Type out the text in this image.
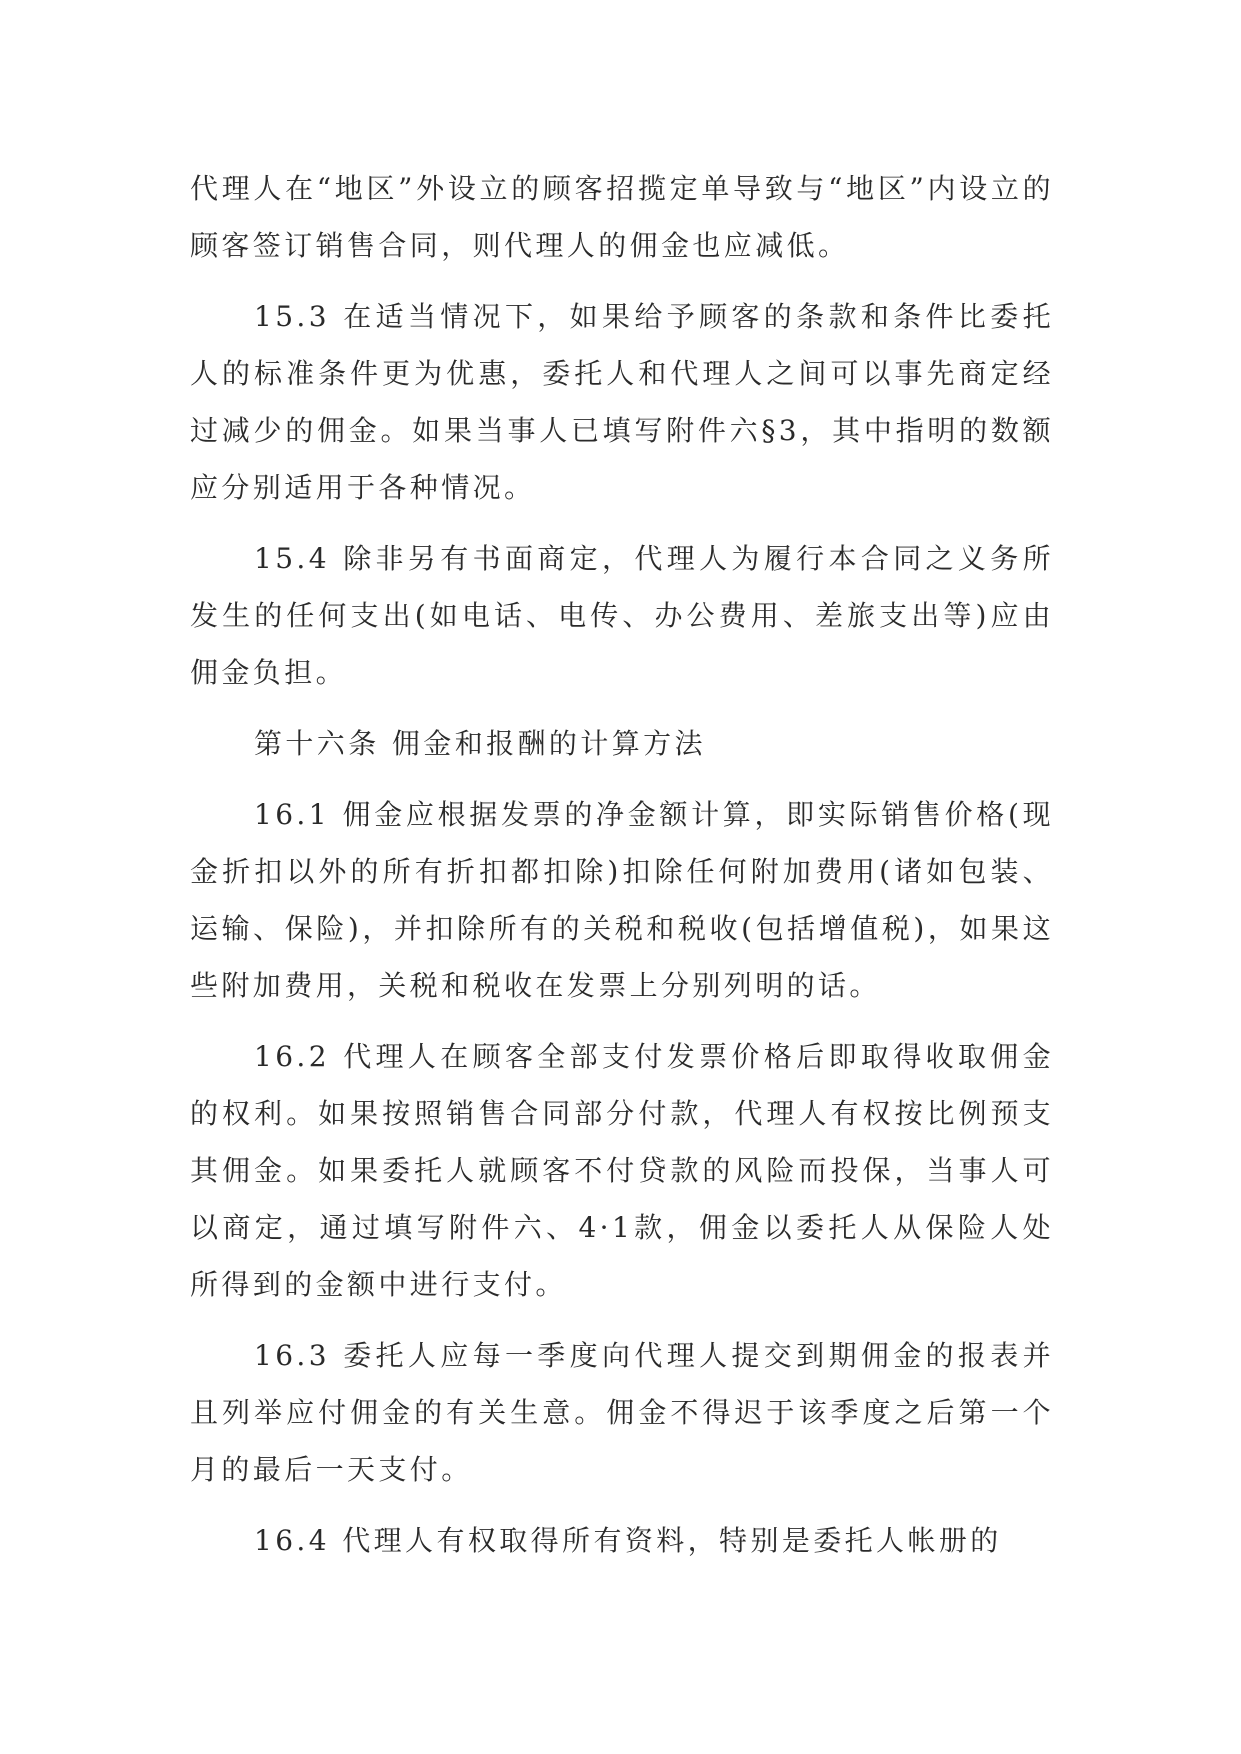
代理人在“地区”外设立的顾客招揽定单导致与“地区”内设立的顾客签订销售合同，则代理人的佣金也应减低。

15.3 在适当情况下，如果给予顾客的条款和条件比委托人的标准条件更为优惠，委托人和代理人之间可以事先商定经过减少的佣金。如果当事人已填写附件六§3，其中指明的数额应分别适用于各种情况。

15.4 除非另有书面商定，代理人为履行本合同之义务所发生的任何支出(如电话、电传、办公费用、差旅支出等)应由佣金负担。

第十六条 佣金和报酬的计算方法

16.1 佣金应根据发票的净金额计算，即实际销售价格(现金折扣以外的所有折扣都扣除)扣除任何附加费用(诸如包装、运输、保险)，并扣除所有的关税和税收(包括增值税)，如果这些附加费用，关税和税收在发票上分别列明的话。

16.2 代理人在顾客全部支付发票价格后即取得收取佣金的权利。如果按照销售合同部分付款，代理人有权按比例预支其佣金。如果委托人就顾客不付贷款的风险而投保，当事人可以商定，通过填写附件六、4·1款，佣金以委托人从保险人处所得到的金额中进行支付。

16.3 委托人应每一季度向代理人提交到期佣金的报表并且列举应付佣金的有关生意。佣金不得迟于该季度之后第一个月的最后一天支付。

16.4 代理人有权取得所有资料，特别是委托人帐册的
